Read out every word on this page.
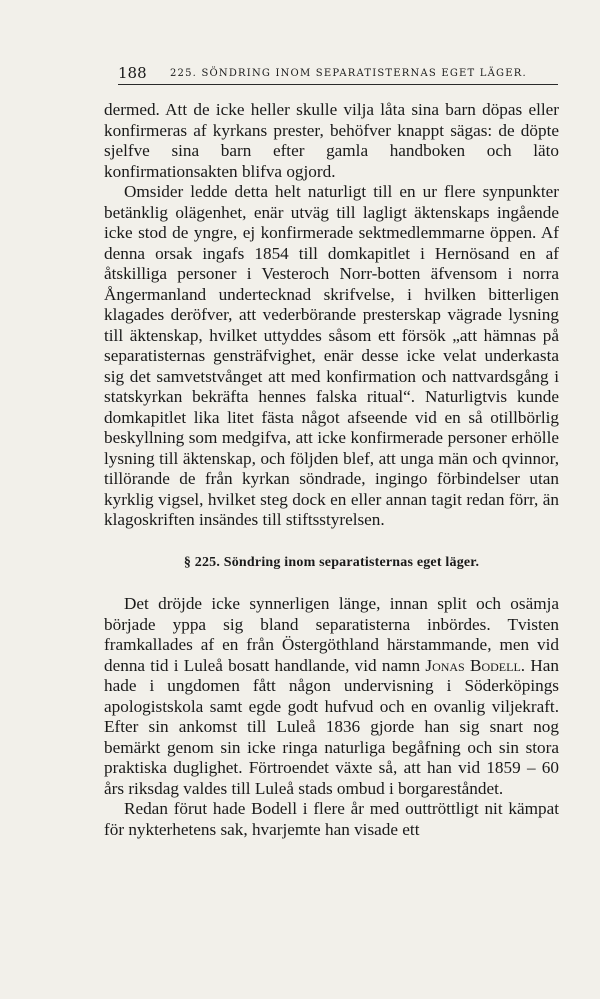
188 225. SÖNDRING INOM SEPARATISTERNAS EGET LÄGER.

dermed. Att de icke heller skulle vilja låta sina barn döpas eller konfirmeras af kyrkans prester, behöfver knappt sägas: de döpte sjelfve sina barn efter gamla handboken och läto konfirmationsakten blifva ogjord.

Omsider ledde detta helt naturligt till en ur flere synpunkter betänklig olägenhet, enär utväg till lagligt äktenskaps ingående icke stod de yngre, ej konfirmerade sektmedlemmarne öppen. Af denna orsak ingafs 1854 till domkapitlet i Hernösand en af åtskilliga personer i Vesteroch Norr-botten äfvensom i norra Ångermanland undertecknad skrifvelse, i hvilken bitterligen klagades deröfver, att vederbörande presterskap vägrade lysning till äktenskap, hvilket uttyddes såsom ett försök „att hämnas på separatisternas gensträfvighet, enär desse icke velat underkasta sig det samvetstvånget att med konfirmation och nattvardsgång i statskyrkan bekräfta hennes falska ritual“. Naturligtvis kunde domkapitlet lika litet fästa något afseende vid en så otillbörlig beskyllning som medgifva, att icke konfirmerade personer erhölle lysning till äktenskap, och följden blef, att unga män och qvinnor, tillörande de från kyrkan söndrade, ingingo förbindelser utan kyrklig vigsel, hvilket steg dock en eller annan tagit redan förr, än klagoskriften insändes till stiftsstyrelsen.

§ 225. Söndring inom separatisternas eget läger.

Det dröjde icke synnerligen länge, innan split och osämja började yppa sig bland separatisterna inbördes. Tvisten framkallades af en från Östergöthland härstammande, men vid denna tid i Luleå bosatt handlande, vid namn Jonas Bodell. Han hade i ungdomen fått någon undervisning i Söderköpings apologistskola samt egde godt hufvud och en ovanlig viljekraft. Efter sin ankomst till Luleå 1836 gjorde han sig snart nog bemärkt genom sin icke ringa naturliga begåfning och sin stora praktiska duglighet. Förtroendet växte så, att han vid 1859 – 60 års riksdag valdes till Luleå stads ombud i borgareståndet.

Redan förut hade Bodell i flere år med outtröttligt nit kämpat för nykterhetens sak, hvarjemte han visade ett
